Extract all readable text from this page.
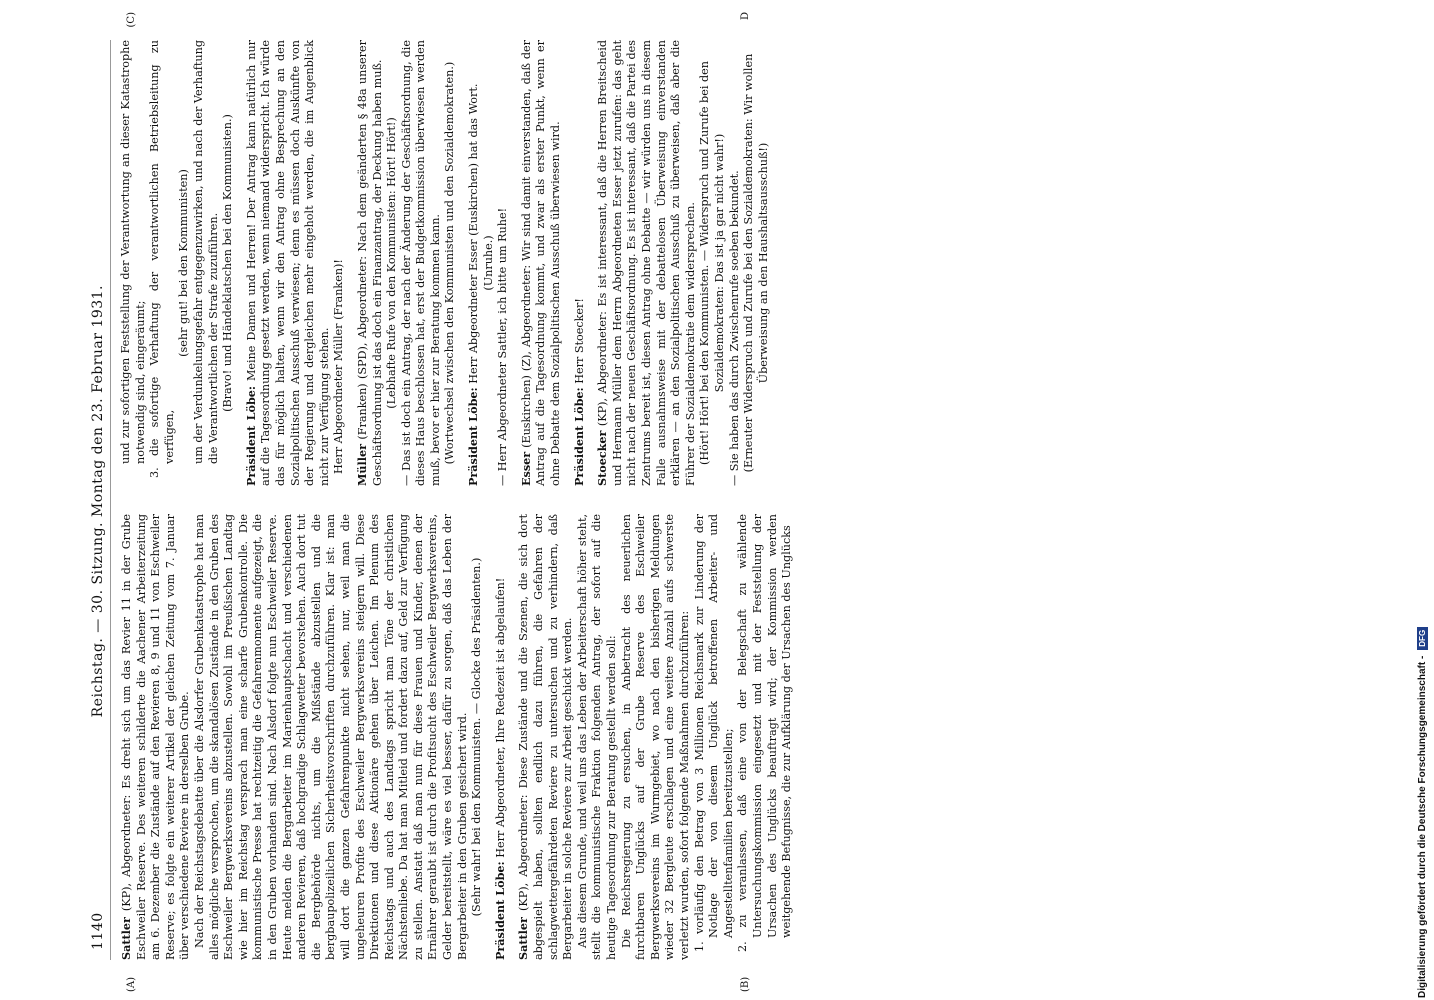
1140
Reichstag. — 30. Sitzung. Montag den 23. Februar 1931.
(A)	(B)

Sattler (KP), Abgeordneter: Es dreht sich um das Revier 11 in der Grube Eschweiler Reserve. Des weiteren schilderte die Aachener Arbeiterzeitung am 6. Dezember die Zustände auf den Revieren 8, 9 und 11 von Eschweiler Reserve; es folgte ein weiterer Artikel der gleichen Zeitung vom 7. Januar über verschiedene Reviere in derselben Grube. Nach der Reichstagsdebatte über die Alsdorfer Grubenkatastrophe hat man alles mögliche versprochen, um die skandalösen Zustände in den Gruben des Eschweiler Bergwerksvereins abzustellen. Sowohl im Preußischen Landtag wie hier im Reichstag versprach man eine scharfe Grubenkontrolle. Die kommunistische Presse hat rechtzeitig die Gefahrenmomente aufgezeigt, die in den Gruben vorhanden sind. Nach Alsdorf folgte nun Eschweiler Reserve. Heute melden die Bergarbeiter im Marienhauptschacht und verschiedenen anderen Revieren, daß hochgradige Schlagwetter bevorstehen. Auch dort tut die Bergbehörde nichts, um die Mißstände abzustellen und die bergbaupolizeilichen Sicherheitsvorschriften durchzuführen. Klar ist: man will dort die ganzen Gefahrenpunkte nicht sehen, nur, weil man die ungeheuren Profite des Eschweiler Bergwerksvereins steigern will. Diese Direktionen und diese Aktionäre gehen über Leichen. Im Plenum des Reichstags und auch des Landtags spricht man Töne der christlichen Nächstenliebe. Da hat man Mitleid und fordert dazu auf, Geld zur Verfügung zu stellen. Anstatt daß man nun für diese Frauen und Kinder, denen der Ernährer geraubt ist durch die Profitsucht des Eschweiler Bergwerksvereins, Gelder bereitstellt, wäre es viel besser, dafür zu sorgen, daß das Leben der Bergarbeiter in den Gruben gesichert wird. (Sehr wahr! bei den Kommunisten. — Glocke des Präsidenten.) Präsident Löbe: Herr Abgeordneter, Ihre Redezeit ist abgelaufen!

Sattler (KP), Abgeordneter: Diese Zustände und die Szenen, die sich dort abgespielt haben, sollten endlich dazu führen, die Gefahren der schlagwettergefährdeten Reviere zu untersuchen und zu verhindern, daß Bergarbeiter in solche Reviere zur Arbeit geschickt werden. Aus diesem Grunde, und weil uns das Leben der Arbeiterschaft höher steht, stellt die kommunistische Fraktion folgenden Antrag, der sofort auf die heutige Tagesordnung zur Beratung gestellt werden soll: Die Reichsregierung zu ersuchen, in Anbetracht des neuerlichen furchtbaren Unglücks auf der Grube Reserve des Eschweiler Bergwerksvereins im Wurmgebiet, wo nach den bisherigen Meldungen wieder 32 Bergleute erschlagen und eine weitere Anzahl aufs schwerste verletzt wurden, sofort folgende Maßnahmen durchzuführen: 1. vorläufig den Betrag von 3 Millionen Reichsmark zur Linderung der Notlage der von diesem Unglück betroffenen Arbeiter- und Angestelltenfamilien bereitzustellen; 2. zu veranlassen, daß eine von der Belegschaft zu wählende Untersuchungskommission eingesetzt und mit der Feststellung der Ursachen des Unglücks beauftragt wird; der Kommission werden weitgehende Befugnisse, die zur Aufklärung der Ursachen des Unglücks

(C)	D

und zur sofortigen Feststellung der Verantwortung an dieser Katastrophe notwendig sind, eingeräumt; 3. die sofortige Verhaftung der verantwortlichen Betriebsleitung zu verfügen,

(sehr gut! bei den Kommunisten) um der Verdunkelungsgefahr entgegenzuwirken, und nach der Verhaftung die Verantwortlichen der Strafe zuzuführen. (Bravo! und Händeklatschen bei den Kommunisten.)

Präsident Löbe: Meine Damen und Herren! Der Antrag kann natürlich nur auf die Tagesordnung gesetzt werden, wenn niemand widerspricht. Ich würde das für möglich halten, wenn wir den Antrag ohne Besprechung an den Sozialpolitischen Ausschuß verwiesen; denn es müssen doch Auskünfte von der Regierung und dergleichen mehr eingeholt werden, die im Augenblick nicht zur Verfügung stehen. Herr Abgeordneter Müller (Franken)! Müller (Franken) (SPD), Abgeordneter: Nach dem geänderten § 48a unserer Geschäftsordnung ist das doch ein Finanzantrag, der Deckung haben muß. (Lebhafte Rufe von den Kommunisten: Hört! Hört!) — Das ist doch ein Antrag, der nach der Änderung der Geschäftsordnung, die dieses Haus beschlossen hat, erst der Budgetkommission überwiesen werden muß, bevor er hier zur Beratung kommen kann. (Wortwechsel zwischen den Kommunisten und den Sozialdemokraten.) Präsident Löbe: Herr Abgeordneter Esser (Euskirchen) hat das Wort. (Unruhe.) — Herr Abgeordneter Sattler, ich bitte um Ruhe! Esser (Euskirchen) (Z), Abgeordneter: Wir sind damit einverstanden, daß der Antrag auf die Tagesordnung kommt, und zwar als erster Punkt, wenn er ohne Debatte dem Sozialpolitischen Ausschuß überwiesen wird. Präsident Löbe: Herr Stoecker!

Stoecker (KP), Abgeordneter: Es ist interessant, daß die Herren Breitscheid und Hermann Müller dem Herrn Abgeordneten Esser jetzt zurufen: das geht nicht nach der neuen Geschäftsordnung. Es ist interessant, daß die Partei des Zentrums bereit ist, diesen Antrag ohne Debatte — wir würden uns in diesem Falle ausnahmsweise mit der debattelosen Überweisung einverstanden erklären — an den Sozialpolitischen Ausschuß zu überweisen, daß aber die Führer der Sozialdemokratie dem widersprechen. (Hört! Hört! bei den Kommunisten. — Widerspruch und Zurufe bei den Sozialdemokraten: Das ist ja gar nicht wahr!) — Sie haben das durch Zwischenrufe soeben bekundet. (Erneuter Widerspruch und Zurufe bei den Sozialdemokraten: Wir wollen Überweisung an den Haushaltsausschuß!)

Digitalisierung gefördert durch die Deutsche Forschungsgemeinschaft -
DFG
